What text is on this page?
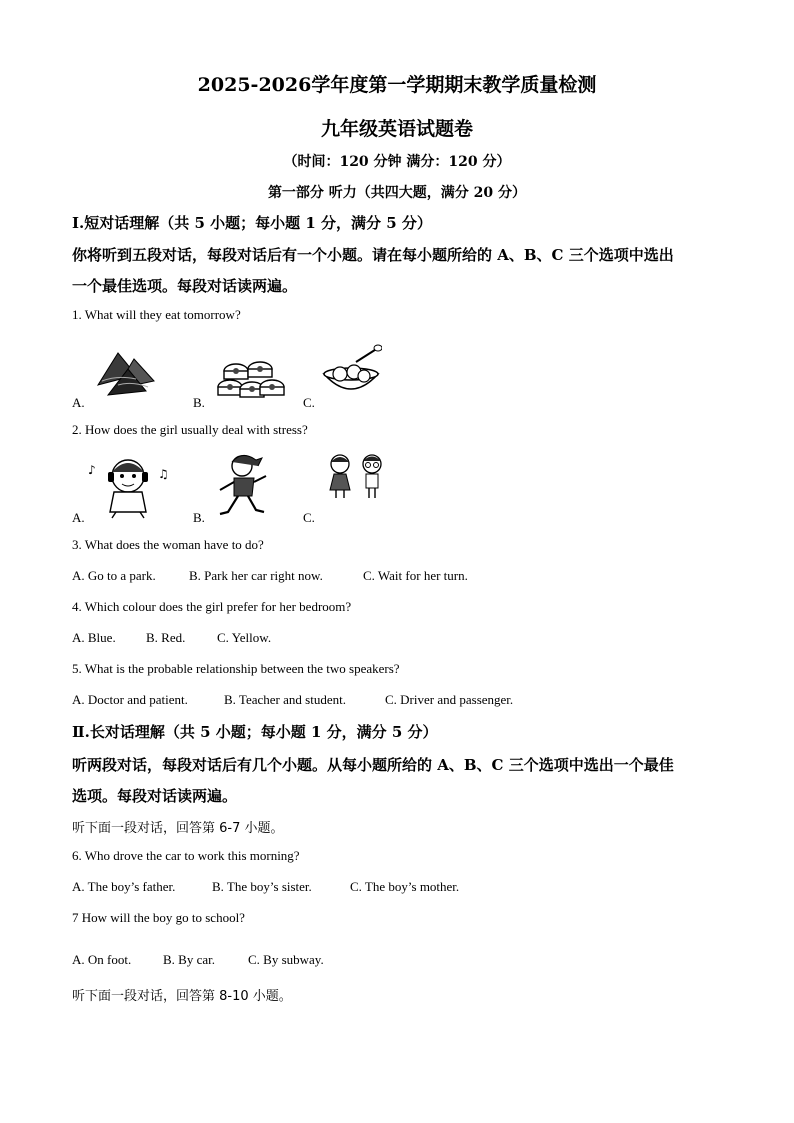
2025-2026学年度第一学期期末教学质量检测
九年级英语试题卷
（时间：120 分钟 满分：120 分）
第一部分 听力（共四大题，满分 20 分）
Ⅰ.短对话理解（共 5 小题；每小题 1 分，满分 5 分）
你将听到五段对话，每段对话后有一个小题。请在每小题所给的 A、B、C 三个选项中选出
一个最佳选项。每段对话读两遍。
1. What will they eat tomorrow?
A.	B.	C.
2. How does the girl usually deal with stress?
♪	♫
A.	B.	C.
3. What does the woman have to do?
A. Go to a park.	B. Park her car right now.	C. Wait for her turn.
4. Which colour does the girl prefer for her bedroom?
A. Blue. B. Red. C. Yellow.
5. What is the probable relationship between the two speakers?
A. Doctor and patient.	B. Teacher and student.	C. Driver and passenger.
Ⅱ.长对话理解（共 5 小题；每小题 1 分，满分 5 分）
听两段对话，每段对话后有几个小题。从每小题所给的 A、B、C 三个选项中选出一个最佳
选项。每段对话读两遍。
听下面一段对话，回答第 6-7 小题。
6. Who drove the car to work this morning?
A. The boy’s father.	B. The boy’s sister.	C. The boy’s mother.
7 How will the boy go to school?
A. On foot. B. By car.	C. By subway.
听下面一段对话，回答第 8-10 小题。
